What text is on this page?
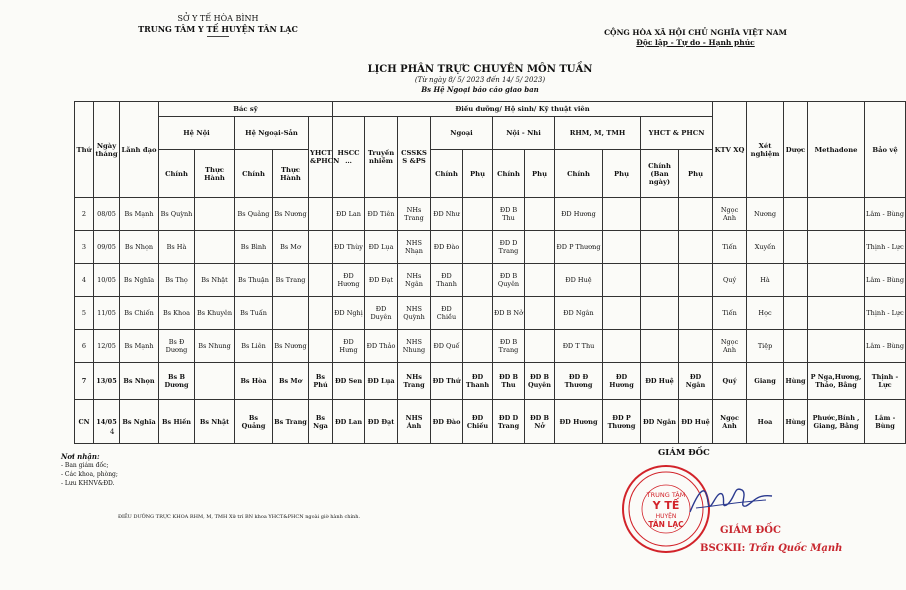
SỞ Y TẾ HÒA BÌNH
TRUNG TÂM Y TẾ HUYỆN TÂN LẠC	CỘNG HÒA XÃ HỘI CHỦ NGHĨA VIỆT NAM
Độc lập - Tự do - Hạnh phúc
LỊCH PHÂN TRỰC CHUYÊN MÔN TUẦN
(Từ ngày 8/ 5/ 2023 đến 14/ 5/ 2023)
Bs Hệ Ngoại báo cáo giao ban
Thứ	Ngày tháng	Lãnh đạo	Bác sỹ					Điều dưỡng/ Hộ sinh/ Kỹ thuật viên											KTV XQ	Xét nghiệm	Dược	Methadone	Bảo vệ
			Hệ Nội		Hệ Ngoại-Sản		YHCT &PHCN	HSCC …	Truyền nhiễm	CSSKS S &PS	Ngoại		Nội - Nhi		RHM, M, TMH		YHCT & PHCN						
			Chính	Thực Hành	Chính	Thực Hành					Chính	Phụ	Chính	Phụ	Chính	Phụ	Chính (Ban ngày)	Phụ					
2	08/05	Bs Mạnh	Bs Quỳnh		Bs Quảng	Bs Nương		ĐD Lan	ĐD Tiên	NHs Trang	ĐD Như		ĐD B Thu		ĐD Hương				Ngọc Anh	Nương			Lâm - Bùng
3	09/05	Bs Nhọn	Bs Hà		Bs Bình	Bs Mơ		ĐD Thùy	ĐD Lụa	NHS Nhạn	ĐD Đào		ĐD D Trang		ĐD P Thương				Tiến	Xuyến			Thịnh - Lực
4	10/05	Bs Nghĩa	Bs Thọ	Bs Nhật	Bs Thuận	Bs Trang		ĐD Hương	ĐD Đạt	NHs Ngân	ĐD Thanh		ĐD B Quyên		ĐD Huệ				Quý	Hà			Lâm - Bùng
5	11/05	Bs Chiến	Bs Khoa	Bs Khuyên	Bs Tuấn			ĐD Nghị	ĐD Duyên	NHS Quỳnh	ĐD Chiều		ĐD B Nở		ĐD Ngân				Tiến	Học			Thịnh - Lực
6	12/05	Bs Mạnh	Bs Đ Dương	Bs Nhung	Bs Liên	Bs Nương		ĐD Hưng	ĐD Thảo	NHS Nhung	ĐD Quế		ĐD B Trang		ĐD T Thu				Ngọc Anh	Tiệp			Lâm - Bùng
7	13/05	Bs Nhọn	Bs B Dương		Bs Hòa	Bs Mơ	Bs Phú	ĐD Sen	ĐD Lụa	NHs Trang	ĐD Thứ	ĐD Thanh	ĐD B Thu	ĐD B Quyên	ĐD Đ Thương	ĐD Hương	ĐD Huệ	ĐD Ngân	Quý	Giang	Hùng	P Nga,Hương, Thảo, Bằng	Thịnh - Lực
CN	14/05	Bs Nghĩa	Bs Hiền	Bs Nhật	Bs Quảng	Bs Trang	Bs Nga	ĐD Lan	ĐD Đạt	NHS Ánh	ĐD Đào	ĐD Chiều	ĐD D Trang	ĐD B Nở	ĐD Hương	ĐD P Thương	ĐD Ngân	ĐD Huệ	Ngọc Anh	Hoa	Hùng	Phước,Bính , Giang, Bằng	Lâm - Bùng
4
Nơi nhận:
- Ban giám đốc;
- Các khoa, phòng;
- Lưu KHNV&ĐD.
ĐIỀU DƯỠNG TRỰC KHOA RHM, M, TMH Xử trí BN khoa YHCT&PHCN ngoài giờ hành chính.
GIÁM ĐỐC
TRUNG TÂM
Y TẾ
HUYỆN
TÂN LẠC
GIÁM ĐỐC
BSCKII: Trần Quốc Mạnh
